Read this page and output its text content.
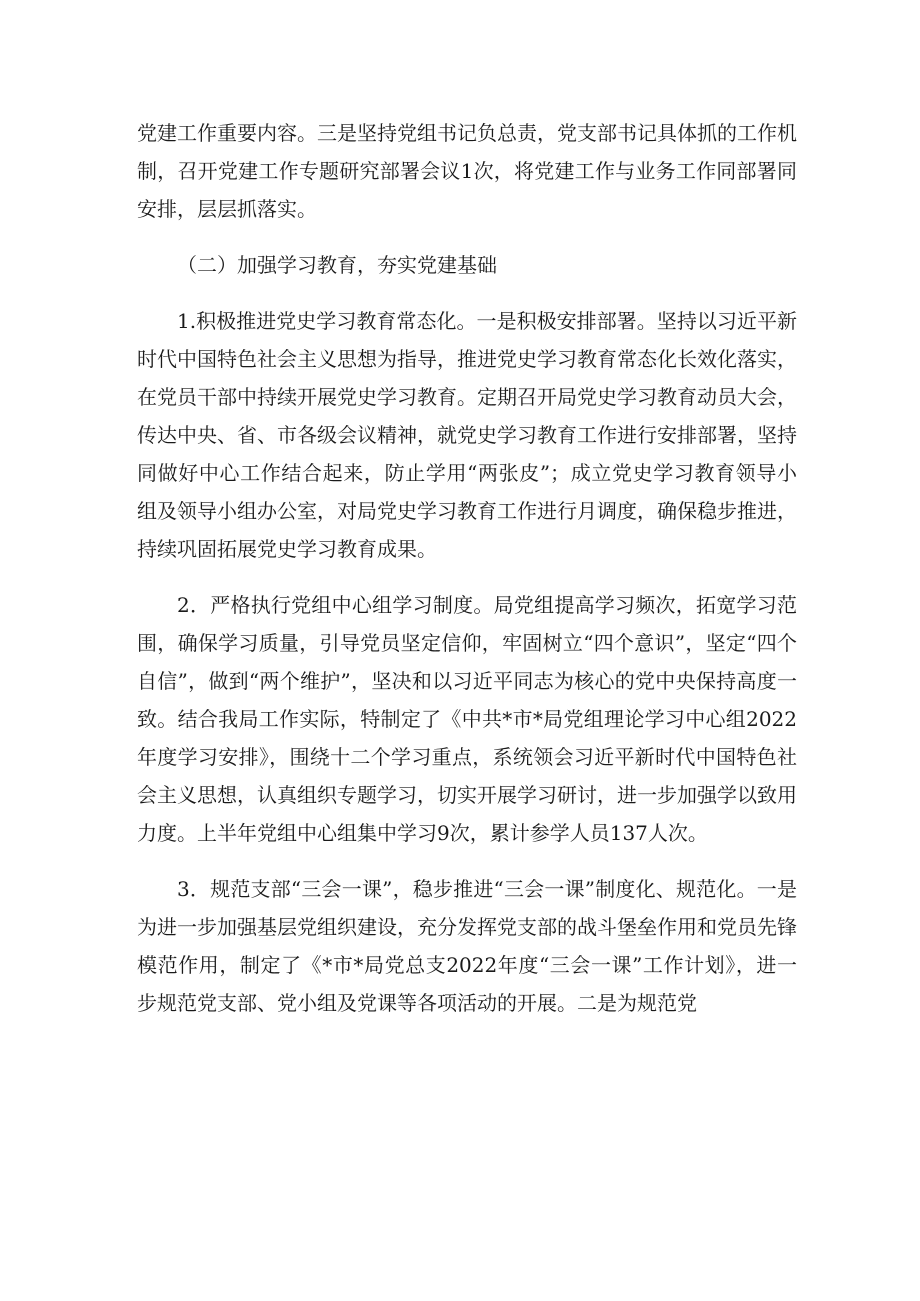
党建工作重要内容。三是坚持党组书记负总责，党支部书记具体抓的工作机制，召开党建工作专题研究部署会议1次，将党建工作与业务工作同部署同安排，层层抓落实。

（二）加强学习教育，夯实党建基础

1.积极推进党史学习教育常态化。一是积极安排部署。坚持以习近平新时代中国特色社会主义思想为指导，推进党史学习教育常态化长效化落实，在党员干部中持续开展党史学习教育。定期召开局党史学习教育动员大会，传达中央、省、市各级会议精神，就党史学习教育工作进行安排部署，坚持同做好中心工作结合起来，防止学用“两张皮”；成立党史学习教育领导小组及领导小组办公室，对局党史学习教育工作进行月调度，确保稳步推进，持续巩固拓展党史学习教育成果。

2．严格执行党组中心组学习制度。局党组提高学习频次，拓宽学习范围，确保学习质量，引导党员坚定信仰，牢固树立“四个意识”，坚定“四个自信”，做到“两个维护”，坚决和以习近平同志为核心的党中央保持高度一致。结合我局工作实际，特制定了《中共*市*局党组理论学习中心组2022年度学习安排》，围绕十二个学习重点，系统领会习近平新时代中国特色社会主义思想，认真组织专题学习，切实开展学习研讨，进一步加强学以致用力度。上半年党组中心组集中学习9次，累计参学人员137人次。

3．规范支部“三会一课”，稳步推进“三会一课”制度化、规范化。一是为进一步加强基层党组织建设，充分发挥党支部的战斗堡垒作用和党员先锋模范作用，制定了《*市*局党总支2022年度“三会一课”工作计划》，进一步规范党支部、党小组及党课等各项活动的开展。二是为规范党
